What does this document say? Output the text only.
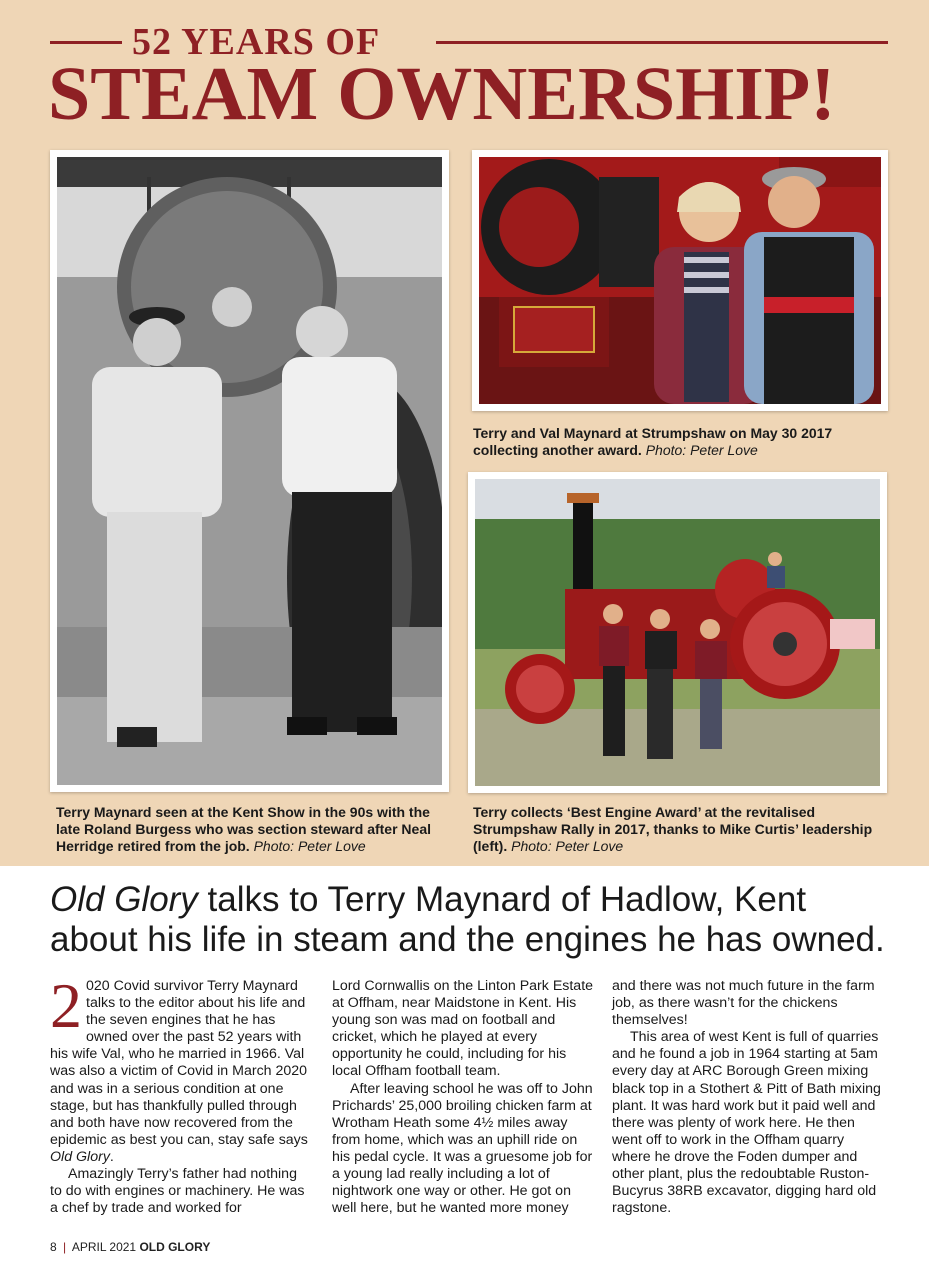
52 YEARS OF
STEAM OWNERSHIP!
Terry Maynard seen at the Kent Show in the 90s with the late Roland Burgess who was section steward after Neal Herridge retired from the job. Photo: Peter Love
Terry and Val Maynard at Strumpshaw on May 30 2017 collecting another award. Photo: Peter Love
Terry collects ‘Best Engine Award’ at the revitalised Strumpshaw Rally in 2017, thanks to Mike Curtis’ leadership (left). Photo: Peter Love
Old Glory talks to Terry Maynard of Hadlow, Kent about his life in steam and the engines he has owned.

2 020 Covid survivor Terry Maynard talks to the editor about his life and the seven engines that he has owned over the past 52 years with his wife Val, who he married in 1966. Val was also a victim of Covid in March 2020 and was in a serious condition at one stage, but has thankfully pulled through and both have now recovered from the epidemic as best you can, stay safe says Old Glory.

Amazingly Terry’s father had nothing to do with engines or machinery. He was a chef by trade and worked for

Lord Cornwallis on the Linton Park Estate at Offham, near Maidstone in Kent. His young son was mad on football and cricket, which he played at every opportunity he could, including for his local Offham football team.

After leaving school he was off to John Prichards’ 25,000 broiling chicken farm at Wrotham Heath some 4½ miles away from home, which was an uphill ride on his pedal cycle. It was a gruesome job for a young lad really including a lot of nightwork one way or other. He got on well here, but he wanted more money

and there was not much future in the farm job, as there wasn’t for the chickens themselves!

This area of west Kent is full of quarries and he found a job in 1964 starting at 5am every day at ARC Borough Green mixing black top in a Stothert & Pitt of Bath mixing plant. It was hard work but it paid well and there was plenty of work here. He then went off to work in the Offham quarry where he drove the Foden dumper and other plant, plus the redoubtable Ruston-Bucyrus 38RB excavator, digging hard old ragstone.

8 | APRIL 2021 OLD GLORY
